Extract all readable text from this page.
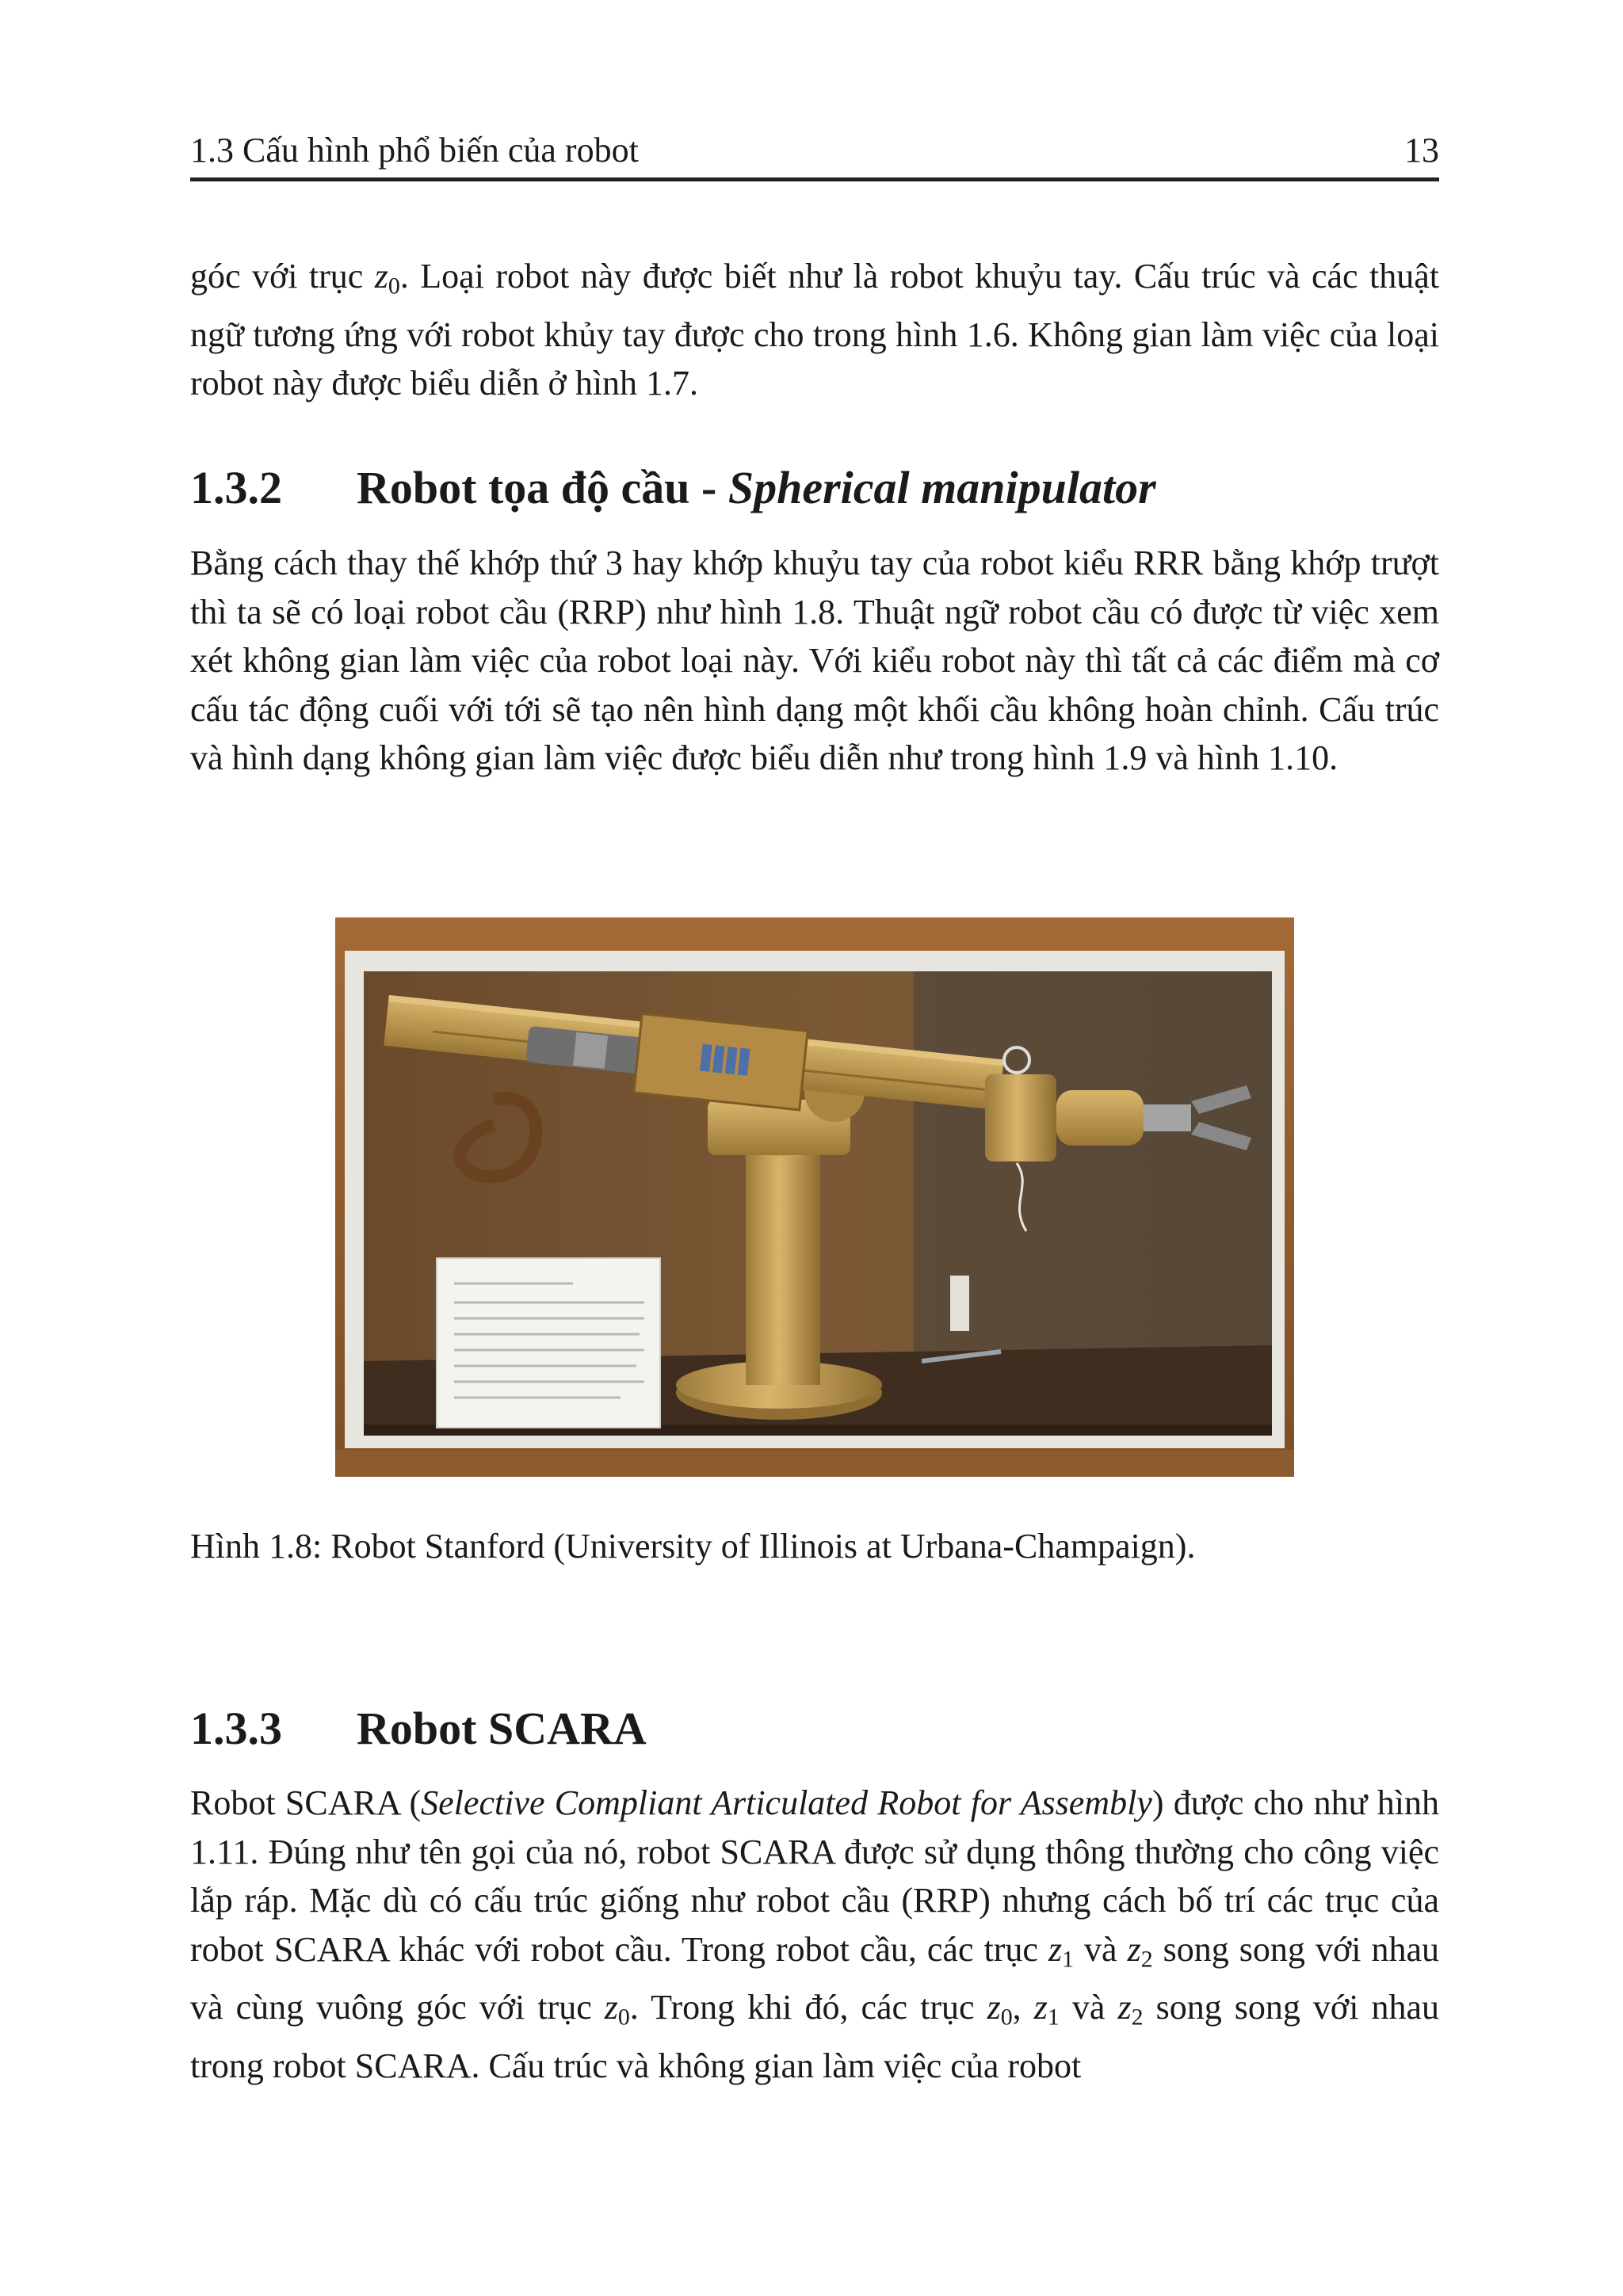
1.3 Cấu hình phổ biến của robot	13

góc với trục $z_0$. Loại robot này được biết như là robot khuỷu tay. Cấu trúc và các thuật ngữ tương ứng với robot khủy tay được cho trong hình 1.6. Không gian làm việc của loại robot này được biểu diễn ở hình 1.7.

1.3.2 Robot tọa độ cầu - Spherical manipulator

Bằng cách thay thế khớp thứ 3 hay khớp khuỷu tay của robot kiểu RRR bằng khớp trượt thì ta sẽ có loại robot cầu (RRP) như hình 1.8. Thuật ngữ robot cầu có được từ việc xem xét không gian làm việc của robot loại này. Với kiểu robot này thì tất cả các điểm mà cơ cấu tác động cuối với tới sẽ tạo nên hình dạng một khối cầu không hoàn chỉnh. Cấu trúc và hình dạng không gian làm việc được biểu diễn như trong hình 1.9 và hình 1.10.

Hình 1.8: Robot Stanford (University of Illinois at Urbana-Champaign).

1.3.3 Robot SCARA

Robot SCARA (Selective Compliant Articulated Robot for Assembly) được cho như hình 1.11. Đúng như tên gọi của nó, robot SCARA được sử dụng thông thường cho công việc lắp ráp. Mặc dù có cấu trúc giống như robot cầu (RRP) nhưng cách bố trí các trục của robot SCARA khác với robot cầu. Trong robot cầu, các trục $z_1$ và $z_2$ song song với nhau và cùng vuông góc với trục $z_0$. Trong khi đó, các trục $z_0$, $z_1$ và $z_2$ song song với nhau trong robot SCARA. Cấu trúc và không gian làm việc của robot
